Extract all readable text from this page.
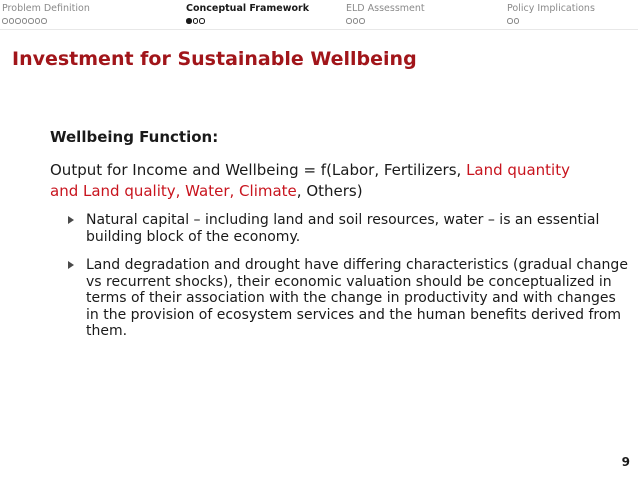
Problem Definition	Conceptual Framework	ELD Assessment	Policy Implications
Investment for Sustainable Wellbeing

Wellbeing Function:

Output for Income and Wellbeing = f(Labor, Fertilizers, Land quantity and Land quality, Water, Climate, Others)

Natural capital – including land and soil resources, water – is an essential building block of the economy.
Land degradation and drought have differing characteristics (gradual change vs recurrent shocks), their economic valuation should be conceptualized in terms of their association with the change in productivity and with changes in the provision of ecosystem services and the human benefits derived from them.
9
